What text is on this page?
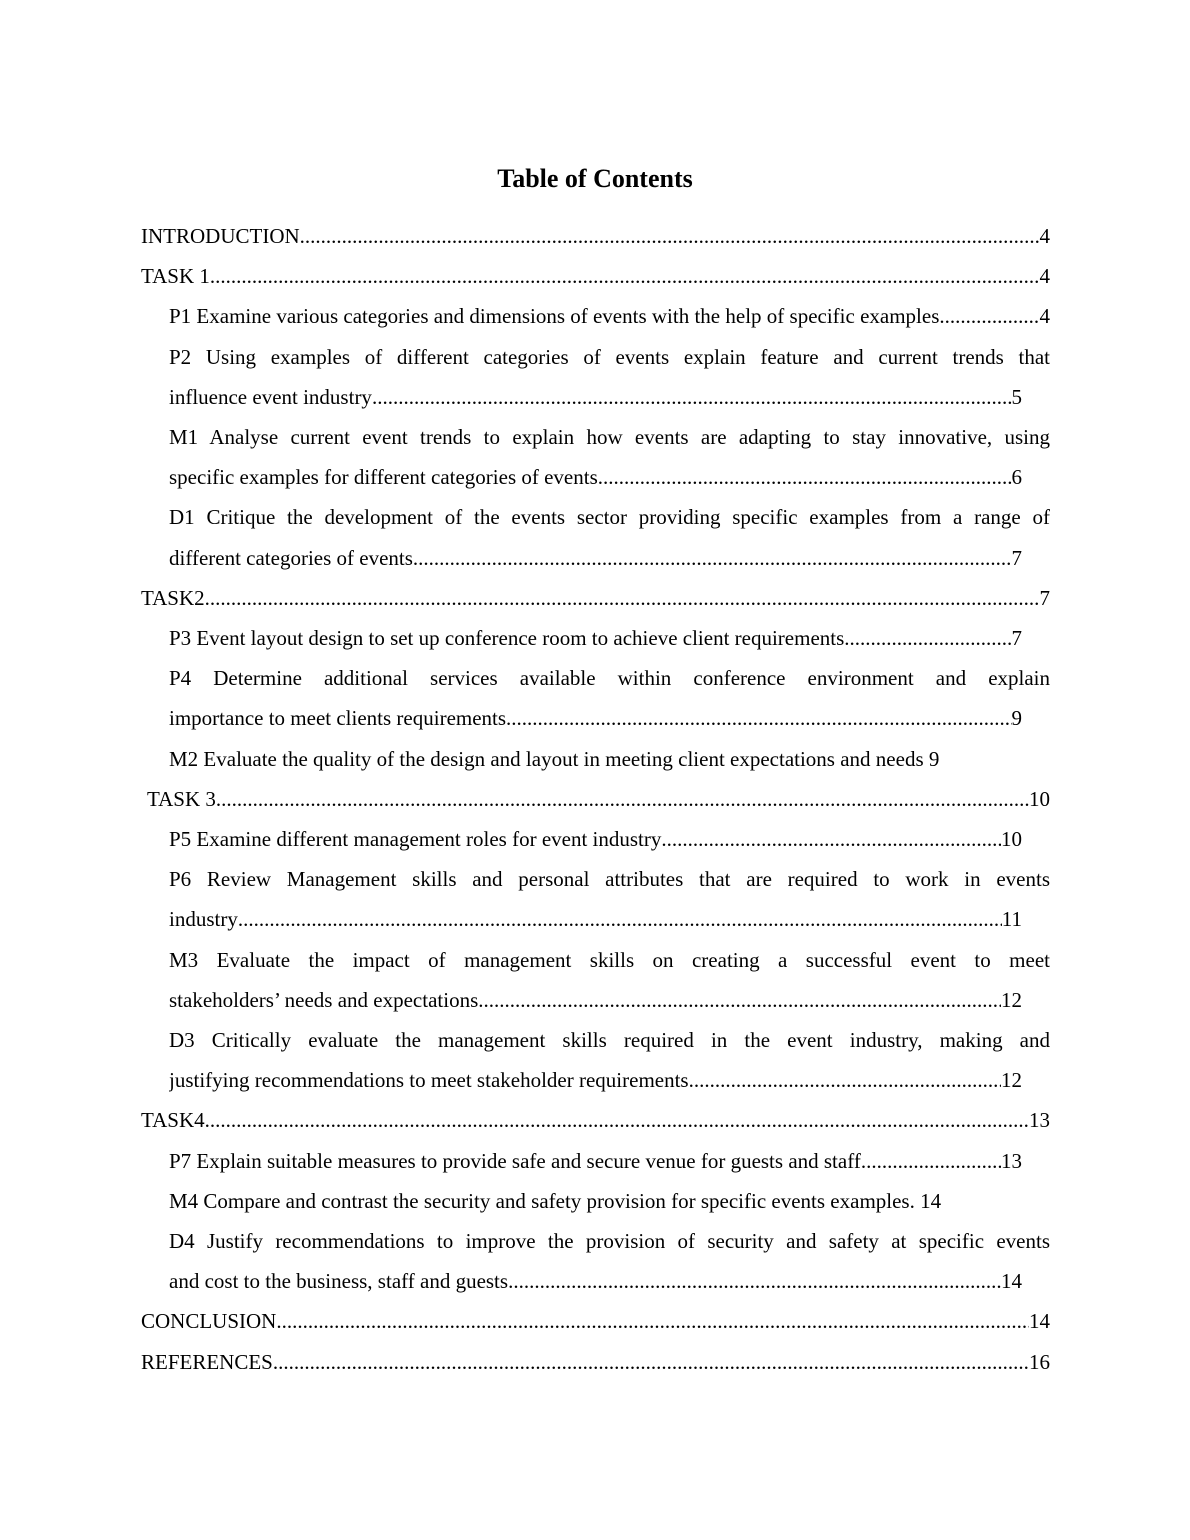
Table of Contents
INTRODUCTION .....	4
TASK 1 .....	4
P1 Examine various categories and dimensions of events with the help of specific examples. .....	4
P2 Using examples of different categories of events explain feature and current trends that
influence event industry .....	5
M1 Analyse current event trends to explain how events are adapting to stay innovative, using
specific examples for different categories of events .....	6
D1 Critique the development of the events sector providing specific examples from a range of
different categories of events .....	7
TASK2 .....	7
P3 Event layout design to set up conference room to achieve client requirements .....	7
P4 Determine additional services available within conference environment and explain
importance to meet clients requirements .....	9
M2 Evaluate the quality of the design and layout in meeting client expectations and needs 9
TASK 3 .....	10
P5 Examine different management roles for event industry .....	10
P6 Review Management skills and personal attributes that are required to work in events
industry .....	11
M3 Evaluate the impact of management skills on creating a successful event to meet
stakeholders’ needs and expectations .....	12
D3 Critically evaluate the management skills required in the event industry, making and
justifying recommendations to meet stakeholder requirements .....	12
TASK4 .....	13
P7 Explain suitable measures to provide safe and secure venue for guests and staff .....	13
M4 Compare and contrast the security and safety provision for specific events examples. 14
D4 Justify recommendations to improve the provision of security and safety at specific events
and cost to the business, staff and guests .....	14
CONCLUSION .....	14
REFERENCES .....	16
